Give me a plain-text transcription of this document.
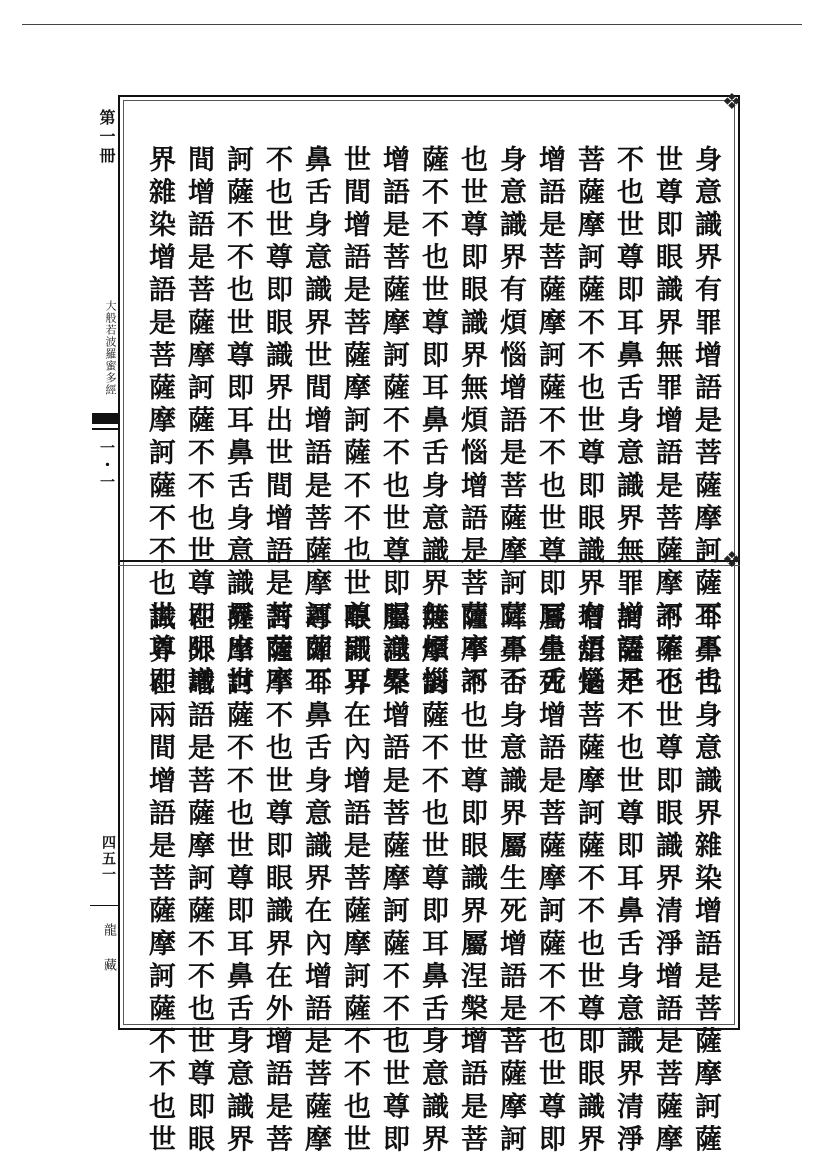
第一冊
大般若波羅蜜多經
一・一
四五一
龍藏
❖
❖
身意識界有罪增語是菩薩摩訶薩不不也
世尊即眼識界無罪增語是菩薩摩訶薩不
不也世尊即耳鼻舌身意識界無罪增語是
菩薩摩訶薩不不也世尊即眼識界有煩惱
增語是菩薩摩訶薩不不也世尊即耳鼻舌
身意識界有煩惱增語是菩薩摩訶薩不不
也世尊即眼識界無煩惱增語是菩薩摩訶
薩不不也世尊即耳鼻舌身意識界無煩惱
增語是菩薩摩訶薩不不也世尊即眼識界
世間增語是菩薩摩訶薩不不也世尊即耳
鼻舌身意識界世間增語是菩薩摩訶薩不
不也世尊即眼識界出世間增語是菩薩摩
訶薩不不也世尊即耳鼻舌身意識界出世
間增語是菩薩摩訶薩不不也世尊即眼識
界雜染增語是菩薩摩訶薩不不也世尊即
耳鼻舌身意識界雜染增語是菩薩摩訶薩
不不也世尊即眼識界清淨增語是菩薩摩
訶薩不不也世尊即耳鼻舌身意識界清淨
增語是菩薩摩訶薩不不也世尊即眼識界
屬生死增語是菩薩摩訶薩不不也世尊即
耳鼻舌身意識界屬生死增語是菩薩摩訶
薩不不也世尊即眼識界屬涅槃增語是菩
薩摩訶薩不不也世尊即耳鼻舌身意識界
屬涅槃增語是菩薩摩訶薩不不也世尊即
眼識界在內增語是菩薩摩訶薩不不也世
尊即耳鼻舌身意識界在內增語是菩薩摩
訶薩不不也世尊即眼識界在外增語是菩
薩摩訶薩不不也世尊即耳鼻舌身意識界
在外增語是菩薩摩訶薩不不也世尊即眼
識界在兩間增語是菩薩摩訶薩不不也世
